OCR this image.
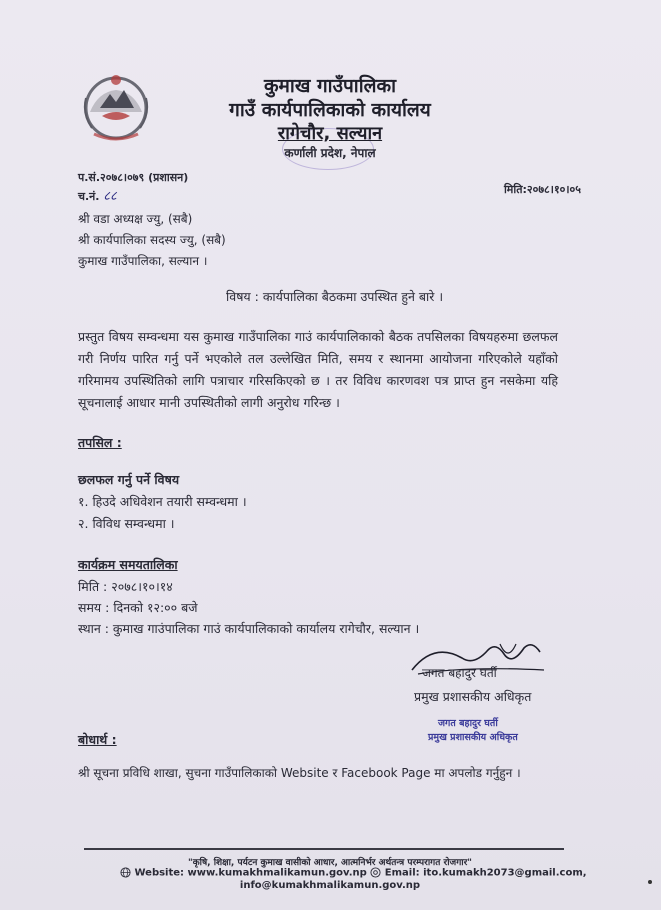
कुमाख गाउँपालिका
गाउँ कार्यपालिकाको कार्यालय
रागेचौर, सल्यान
कर्णाली प्रदेश, नेपाल
प.सं.२०७८।०७९ (प्रशासन)
च.नं. ८८	मिति:२०७८।१०।०५
श्री वडा अध्यक्ष ज्यु, (सबै)
श्री कार्यपालिका सदस्य ज्यु, (सबै)
कुमाख गाउँपालिका, सल्यान ।
विषय : कार्यपालिका बैठकमा उपस्थित हुने बारे ।
प्रस्तुत विषय सम्वन्धमा यस कुमाख गाउँपालिका गाउं कार्यपालिकाको बैठक तपसिलका विषयहरुमा छलफल गरी निर्णय पारित गर्नु पर्ने भएकोले तल उल्लेखित मिति, समय र स्थानमा आयोजना गरिएकोले यहाँको गरिमामय उपस्थितिको लागि पत्राचार गरिसकिएको छ । तर विविध कारणवश पत्र प्राप्त हुन नसकेमा यहि सूचनालाई आधार मानी उपस्थितीको लागी अनुरोध गरिन्छ ।
तपसिल :
छलफल गर्नु पर्ने विषय
१. हिउदे अधिवेशन तयारी सम्वन्धमा ।
२. विविध सम्वन्धमा ।
कार्यक्रम समयतालिका
मिति : २०७८।१०।१४
समय : दिनको १२:०० बजे
स्थान : कुमाख गाउंपालिका गाउं कार्यपालिकाको कार्यालय रागेचौर, सल्यान ।
जगत बहादुर घर्ती
प्रमुख प्रशासकीय अधिकृत
जगत बहादुर घर्ती
प्रमुख प्रशासकीय अधिकृत
बोधार्थ :
श्री सूचना प्रविधि शाखा, सुचना गाउँपालिकाको Website र Facebook Page मा अपलोड गर्नुहुन ।
"कृषि, शिक्षा, पर्यटन कुमाख वासीको आधार, आत्मनिर्भर अर्थतन्त्र परम्परागत रोजगार"
Website: www.kumakhmalikamun.gov.np Email: ito.kumakh2073@gmail.com,
info@kumakhmalikamun.gov.np
